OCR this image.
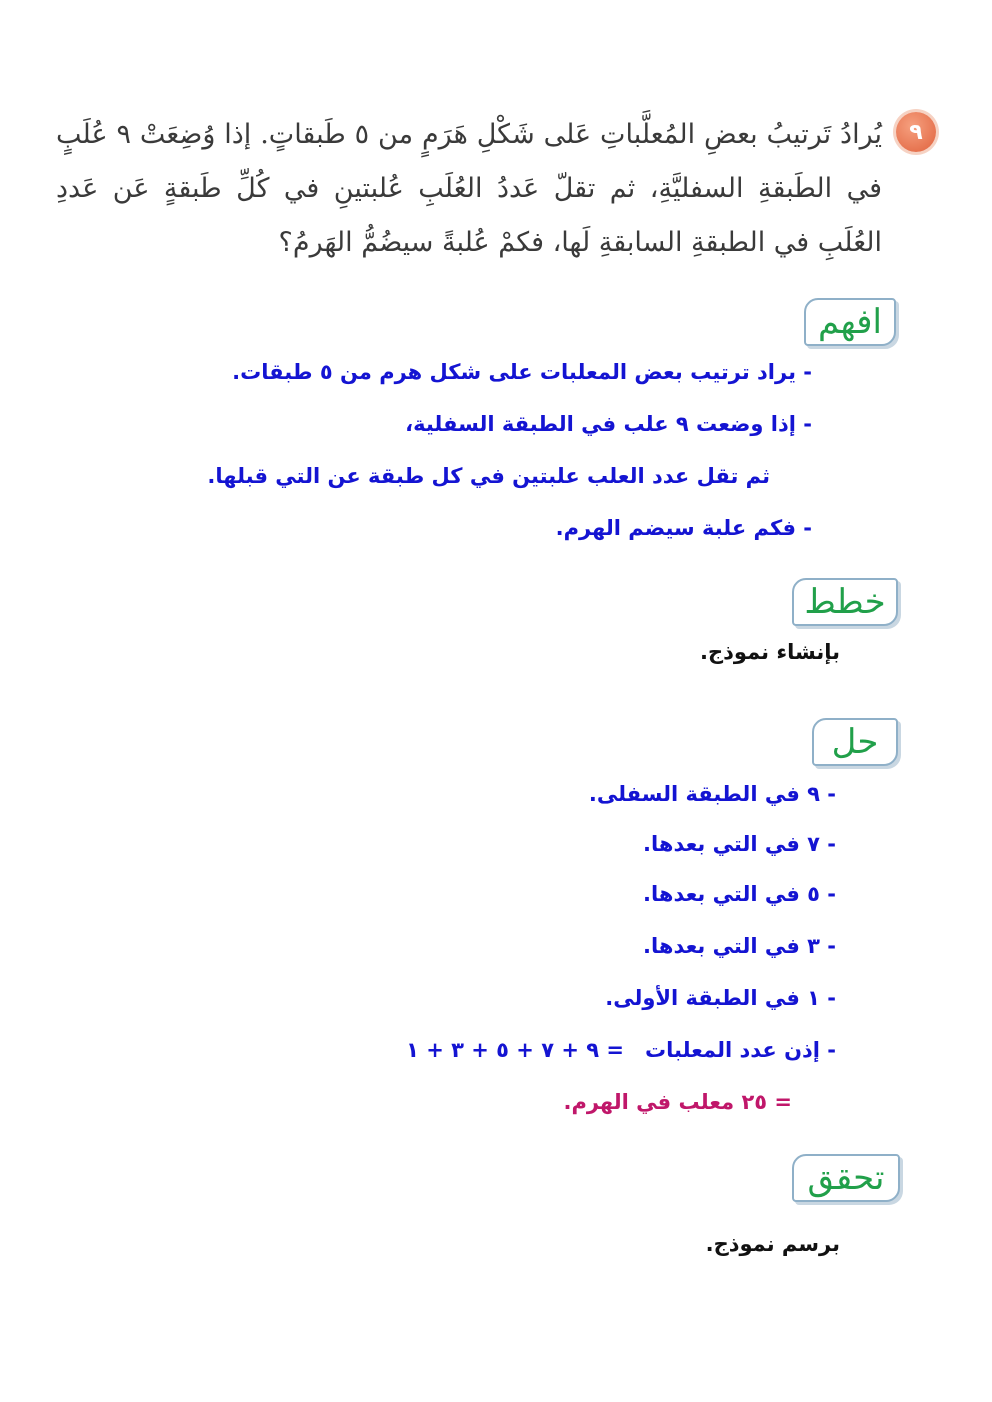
٩
يُرادُ تَرتيبُ بعضِ المُعلَّباتِ عَلى شَكْلِ هَرَمٍ من ٥ طَبقاتٍ. إذا وُضِعَتْ ٩ عُلَبٍ في الطَبقةِ السفليَّةِ، ثم تقلّ عَددُ العُلَبِ عُلبتينِ في كُلِّ طَبقةٍ عَن عَددِ العُلَبِ في الطبقةِ السابقةِ لَها، فكمْ عُلبةً سيضُمُّ الهَرمُ؟
افهم
- يراد ترتيب بعض المعلبات على شكل هرم من ٥ طبقات.
- إذا وضعت ٩ علب في الطبقة السفلية،
ثم تقل عدد العلب علبتين في كل طبقة عن التي قبلها.
- فكم علبة سيضم الهرم.
خطط
بإنشاء نموذج.
حل
- ٩ في الطبقة السفلى.
- ٧ في التي بعدها.
- ٥ في التي بعدها.
- ٣ في التي بعدها.
- ١ في الطبقة الأولى.
- إذن عدد المعلبات
= ٩ + ٧ + ٥ + ٣ + ١
= ٢٥ معلب في الهرم.
تحقق
برسم نموذج.
